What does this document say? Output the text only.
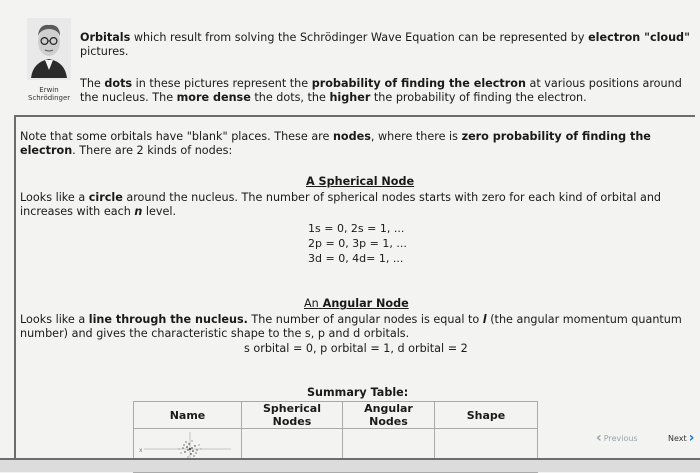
Erwin
Schrödinger
Orbitals which result from solving the Schrödinger Wave Equation can be represented by electron "cloud" pictures.
The dots in these pictures represent the probability of finding the electron at various positions around the nucleus. The more dense the dots, the higher the probability of finding the electron.
Note that some orbitals have "blank" places. These are nodes, where there is zero probability of finding the electron. There are 2 kinds of nodes:
A Spherical Node
Looks like a circle around the nucleus. The number of spherical nodes starts with zero for each kind of orbital and increases with each n level.
1s = 0, 2s = 1, ...
2p = 0, 3p = 1, ...
3d = 0, 4d= 1, ...
An Angular Node
Looks like a line through the nucleus. The number of angular nodes is equal to l (the angular momentum quantum number) and gives the characteristic shape to the s, p and d orbitals.
s orbital = 0, p orbital = 1, d orbital = 2
Summary Table:
Name	Spherical Nodes	Angular Nodes	Shape

x			

‹ Previous	Next ›
